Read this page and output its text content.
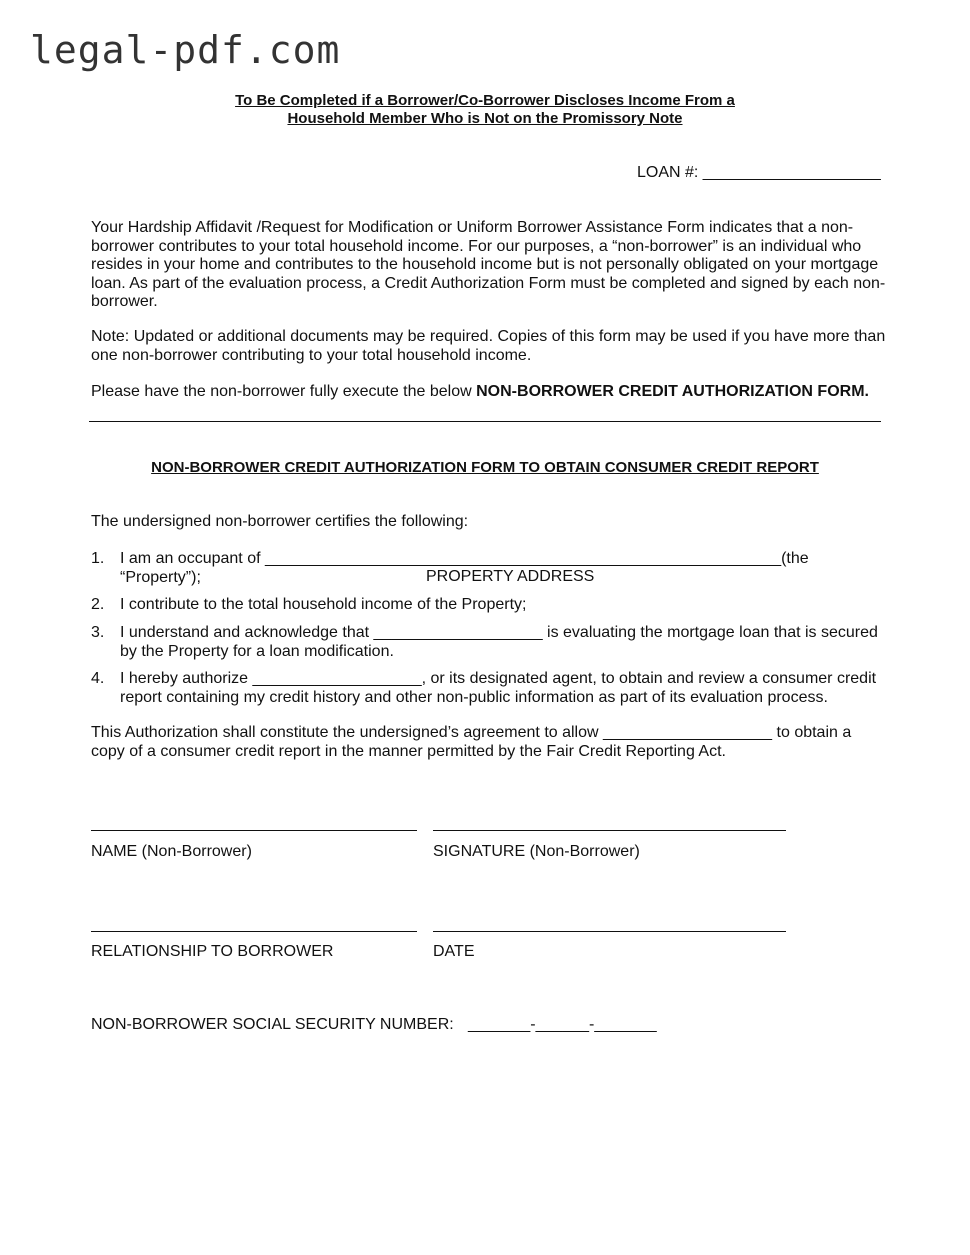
legal-pdf.com
To Be Completed if a Borrower/Co-Borrower Discloses Income From a
Household Member Who is Not on the Promissory Note
LOAN #: ____________________
Your Hardship Affidavit /Request for Modification or Uniform Borrower Assistance Form indicates that a non-borrower contributes to your total household income. For our purposes, a “non-borrower” is an individual who resides in your home and contributes to the household income but is not personally obligated on your mortgage loan. As part of the evaluation process, a Credit Authorization Form must be completed and signed by each non-borrower.
Note: Updated or additional documents may be required. Copies of this form may be used if you have more than one non-borrower contributing to your total household income.
Please have the non-borrower fully execute the below NON-BORROWER CREDIT AUTHORIZATION FORM.
NON-BORROWER CREDIT AUTHORIZATION FORM TO OBTAIN CONSUMER CREDIT REPORT
The undersigned non-borrower certifies the following:
1. I am an occupant of __________________________________________________________(the “Property”);	PROPERTY ADDRESS
2. I contribute to the total household income of the Property;
3. I understand and acknowledge that ___________________ is evaluating the mortgage loan that is secured by the Property for a loan modification.
4. I hereby authorize ___________________, or its designated agent, to obtain and review a consumer credit report containing my credit history and other non-public information as part of its evaluation process.
This Authorization shall constitute the undersigned’s agreement to allow ___________________ to obtain a copy of a consumer credit report in the manner permitted by the Fair Credit Reporting Act.
NAME (Non-Borrower)	SIGNATURE (Non-Borrower)
RELATIONSHIP TO BORROWER	DATE
NON-BORROWER SOCIAL SECURITY NUMBER: _______-______-_______
